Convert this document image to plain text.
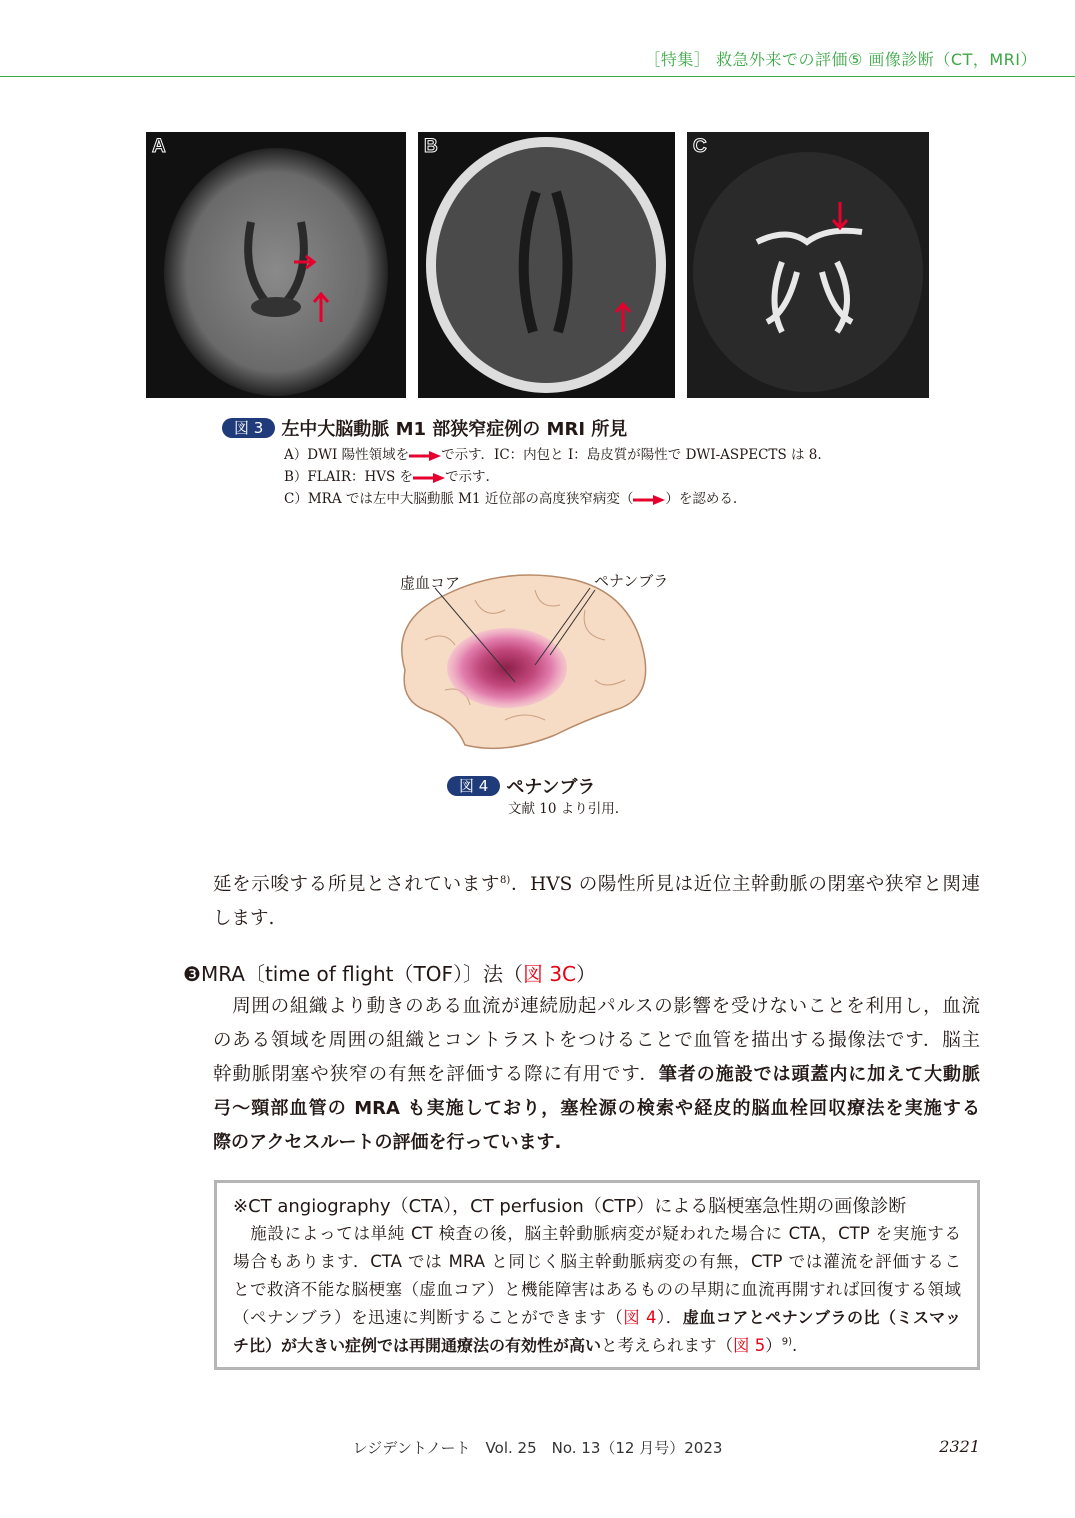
［特集］ 救急外来での評価⑤ 画像診断（CT，MRI）
A	B	C
図 3 左中大脳動脈 M1 部狭窄症例の MRI 所見
A）DWI 陽性領域を で示す．IC：内包と I：島皮質が陽性で DWI-ASPECTS は 8.
B）FLAIR：HVS を で示す.
C）MRA では左中大脳動脈 M1 近位部の高度狭窄病変（ ）を認める.
虚血コア	ペナンブラ
図 4 ペナンブラ
文献 10 より引用.
❸MRA〔time of flight（TOF）〕法（図 3C）
※CT angiography（CTA），CT perfusion（CTP）による脳梗塞急性期の画像診断
　施設によっては単純 CT 検査の後，脳主幹動脈病変が疑われた場合に CTA，CTP を実施する
場合もあります．CTA では MRA と同じく脳主幹動脈病変の有無，CTP では灌流を評価するこ
とで救済不能な脳梗塞（虚血コア）と機能障害はあるものの早期に血流再開すれば回復する領域
（ペナンブラ）を迅速に判断することができます（図 4）．虚血コアとペナンブラの比（ミスマッ
チ比）が大きい症例では再開通療法の有効性が高いと考えられます（図 5）$^{9)}$.
レジデントノート　Vol. 25　No. 13（12 月号）2023	2321
延を示唆する所見とされています$^{8)}$．HVS の陽性所見は近位主幹動脈の閉塞や狭窄と関連
します.
　周囲の組織より動きのある血流が連続励起パルスの影響を受けないことを利用し，血流
のある領域を周囲の組織とコントラストをつけることで血管を描出する撮像法です．脳主
幹動脈閉塞や狭窄の有無を評価する際に有用です．筆者の施設では頭蓋内に加えて大動脈
弓～頸部血管の MRA も実施しており，塞栓源の検索や経皮的脳血栓回収療法を実施する
際のアクセスルートの評価を行っています.
